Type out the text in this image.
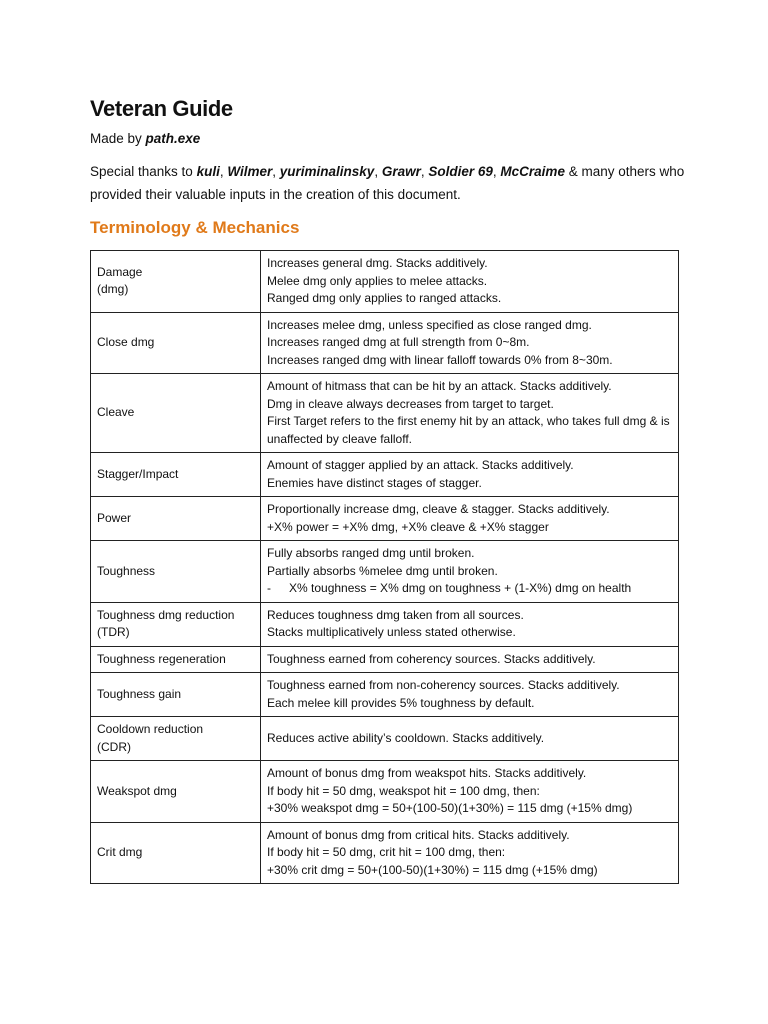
Veteran Guide

Made by path.exe

Special thanks to kuli, Wilmer, yuriminalinsky, Grawr, Soldier 69, McCraime & many others who provided their valuable inputs in the creation of this document.

Terminology & Mechanics
Damage
(dmg)	Increases general dmg. Stacks additively.
Melee dmg only applies to melee attacks.
Ranged dmg only applies to ranged attacks.

Close dmg	Increases melee dmg, unless specified as close ranged dmg.
Increases ranged dmg at full strength from 0~8m.
Increases ranged dmg with linear falloff towards 0% from 8~30m.

Cleave	Amount of hitmass that can be hit by an attack. Stacks additively.
Dmg in cleave always decreases from target to target.
First Target refers to the first enemy hit by an attack, who takes full dmg & is unaffected by cleave falloff.

Stagger/Impact	Amount of stagger applied by an attack. Stacks additively.
Enemies have distinct stages of stagger.

Power	Proportionally increase dmg, cleave & stagger. Stacks additively.
+X% power = +X% dmg, +X% cleave & +X% stagger

Toughness	Fully absorbs ranged dmg until broken.
Partially absorbs %melee dmg until broken.
- X% toughness = X% dmg on toughness + (1-X%) dmg on health

Toughness dmg reduction
(TDR)	Reduces toughness dmg taken from all sources.
Stacks multiplicatively unless stated otherwise.

Toughness regeneration	Toughness earned from coherency sources. Stacks additively.

Toughness gain	Toughness earned from non-coherency sources. Stacks additively.
Each melee kill provides 5% toughness by default.

Cooldown reduction
(CDR)	Reduces active ability’s cooldown. Stacks additively.

Weakspot dmg	Amount of bonus dmg from weakspot hits. Stacks additively.
If body hit = 50 dmg, weakspot hit = 100 dmg, then:
+30% weakspot dmg = 50+(100-50)(1+30%) = 115 dmg (+15% dmg)

Crit dmg	Amount of bonus dmg from critical hits. Stacks additively.
If body hit = 50 dmg, crit hit = 100 dmg, then:
+30% crit dmg = 50+(100-50)(1+30%) = 115 dmg (+15% dmg)
